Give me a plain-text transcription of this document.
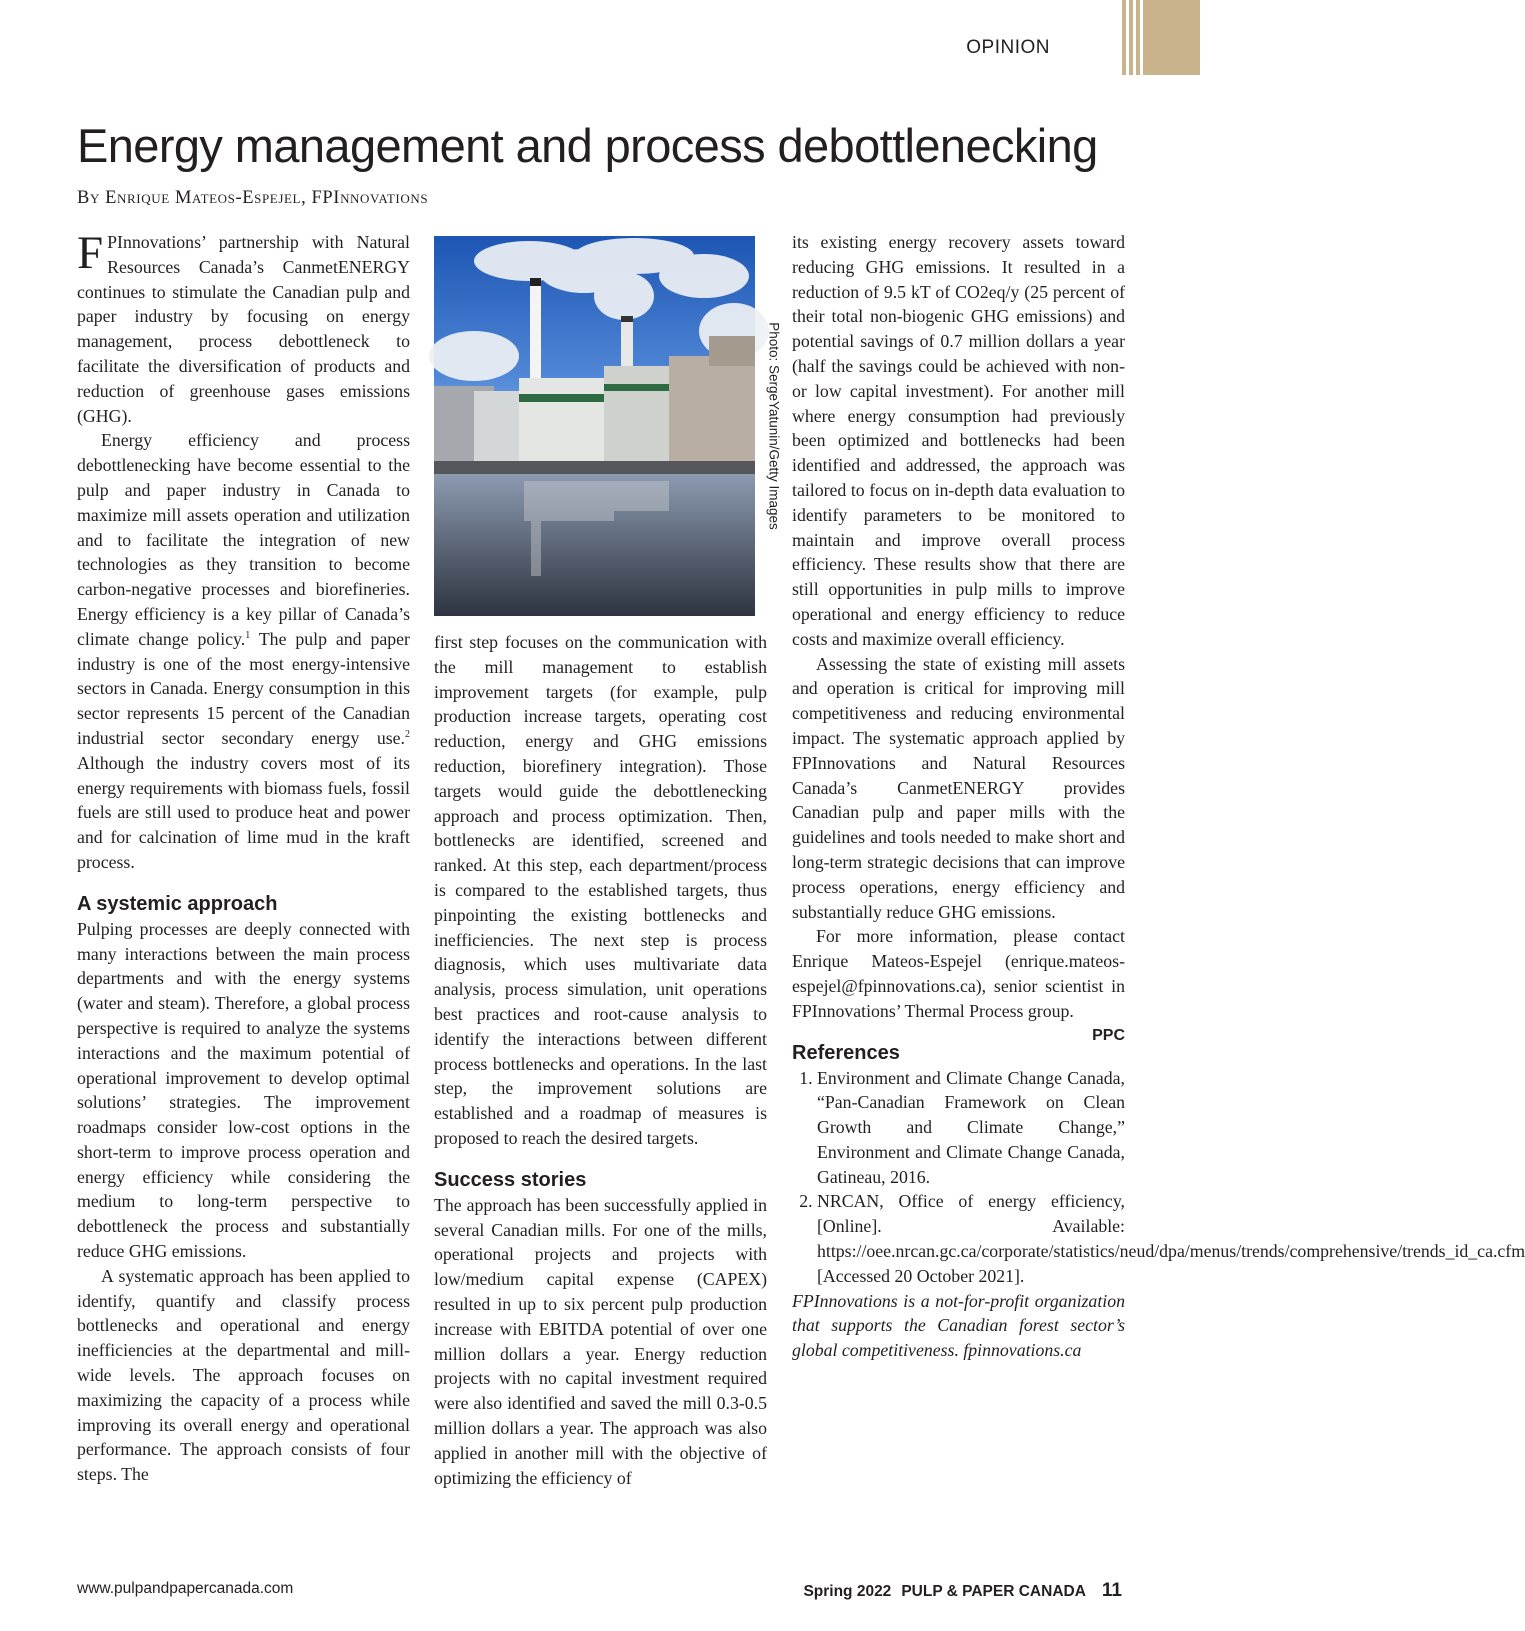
OPINION
Energy management and process debottlenecking
By Enrique Mateos-Espejel, FPInnovations

F PInnovations’ partnership with Natural Resources Canada’s CanmetENERGY continues to stimulate the Canadian pulp and paper industry by focusing on energy management, process debottleneck to facilitate the diversification of products and reduction of greenhouse gases emissions (GHG).

Energy efficiency and process debottlenecking have become essential to the pulp and paper industry in Canada to maximize mill assets operation and utilization and to facilitate the integration of new technologies as they transition to become carbon-negative processes and biorefineries. Energy efficiency is a key pillar of Canada’s climate change policy.$^1$ The pulp and paper industry is one of the most energy-intensive sectors in Canada. Energy consumption in this sector represents 15 percent of the Canadian industrial sector secondary energy use.$^2$ Although the industry covers most of its energy requirements with biomass fuels, fossil fuels are still used to produce heat and power and for calcination of lime mud in the kraft process.

A systemic approach

Pulping processes are deeply connected with many interactions between the main process departments and with the energy systems (water and steam). Therefore, a global process perspective is required to analyze the systems interactions and the maximum potential of operational improvement to develop optimal solutions’ strategies. The improvement roadmaps consider low-cost options in the short-term to improve process operation and energy efficiency while considering the medium to long-term perspective to debottleneck the process and substantially reduce GHG emissions.

A systematic approach has been applied to identify, quantify and classify process bottlenecks and operational and energy inefficiencies at the departmental and mill-wide levels. The approach focuses on maximizing the capacity of a process while improving its overall energy and operational performance. The approach consists of four steps. The

Photo: SergeYatunin/Getty Images

first step focuses on the communication with the mill management to establish improvement targets (for example, pulp production increase targets, operating cost reduction, energy and GHG emissions reduction, biorefinery integration). Those targets would guide the debottlenecking approach and process optimization. Then, bottlenecks are identified, screened and ranked. At this step, each department/process is compared to the established targets, thus pinpointing the existing bottlenecks and inefficiencies. The next step is process diagnosis, which uses multivariate data analysis, process simulation, unit operations best practices and root-cause analysis to identify the interactions between different process bottlenecks and operations. In the last step, the improvement solutions are established and a roadmap of measures is proposed to reach the desired targets.

Success stories

The approach has been successfully applied in several Canadian mills. For one of the mills, operational projects and projects with low/medium capital expense (CAPEX) resulted in up to six percent pulp production increase with EBITDA potential of over one million dollars a year. Energy reduction projects with no capital investment required were also identified and saved the mill 0.3-0.5 million dollars a year. The approach was also applied in another mill with the objective of optimizing the efficiency of

its existing energy recovery assets toward reducing GHG emissions. It resulted in a reduction of 9.5 kT of CO2eq/y (25 percent of their total non-biogenic GHG emissions) and potential savings of 0.7 million dollars a year (half the savings could be achieved with non-or low capital investment). For another mill where energy consumption had previously been optimized and bottlenecks had been identified and addressed, the approach was tailored to focus on in-depth data evaluation to identify parameters to be monitored to maintain and improve overall process efficiency. These results show that there are still opportunities in pulp mills to improve operational and energy efficiency to reduce costs and maximize overall efficiency.

Assessing the state of existing mill assets and operation is critical for improving mill competitiveness and reducing environmental impact. The systematic approach applied by FPInnovations and Natural Resources Canada’s CanmetENERGY provides Canadian pulp and paper mills with the guidelines and tools needed to make short and long-term strategic decisions that can improve process operations, energy efficiency and substantially reduce GHG emissions.

For more information, please contact Enrique Mateos-Espejel (enrique.mateos-espejel@fpinnovations.ca), senior scientist in FPInnovations’ Thermal Process group.
PPC

References
1. Environment and Climate Change Canada, “Pan-Canadian Framework on Clean Growth and Climate Change,” Environment and Climate Change Canada, Gatineau, 2016.
2. NRCAN, Office of energy efficiency, [Online]. Available: https://oee.nrcan.gc.ca/corporate/statistics/neud/dpa/menus/trends/comprehensive/trends_id_ca.cfm [Accessed 20 October 2021].

FPInnovations is a not-for-profit organization that supports the Canadian forest sector’s global competitiveness. fpinnovations.ca

www.pulpandpapercanada.com	Spring 2022 PULP & PAPER CANADA 11
